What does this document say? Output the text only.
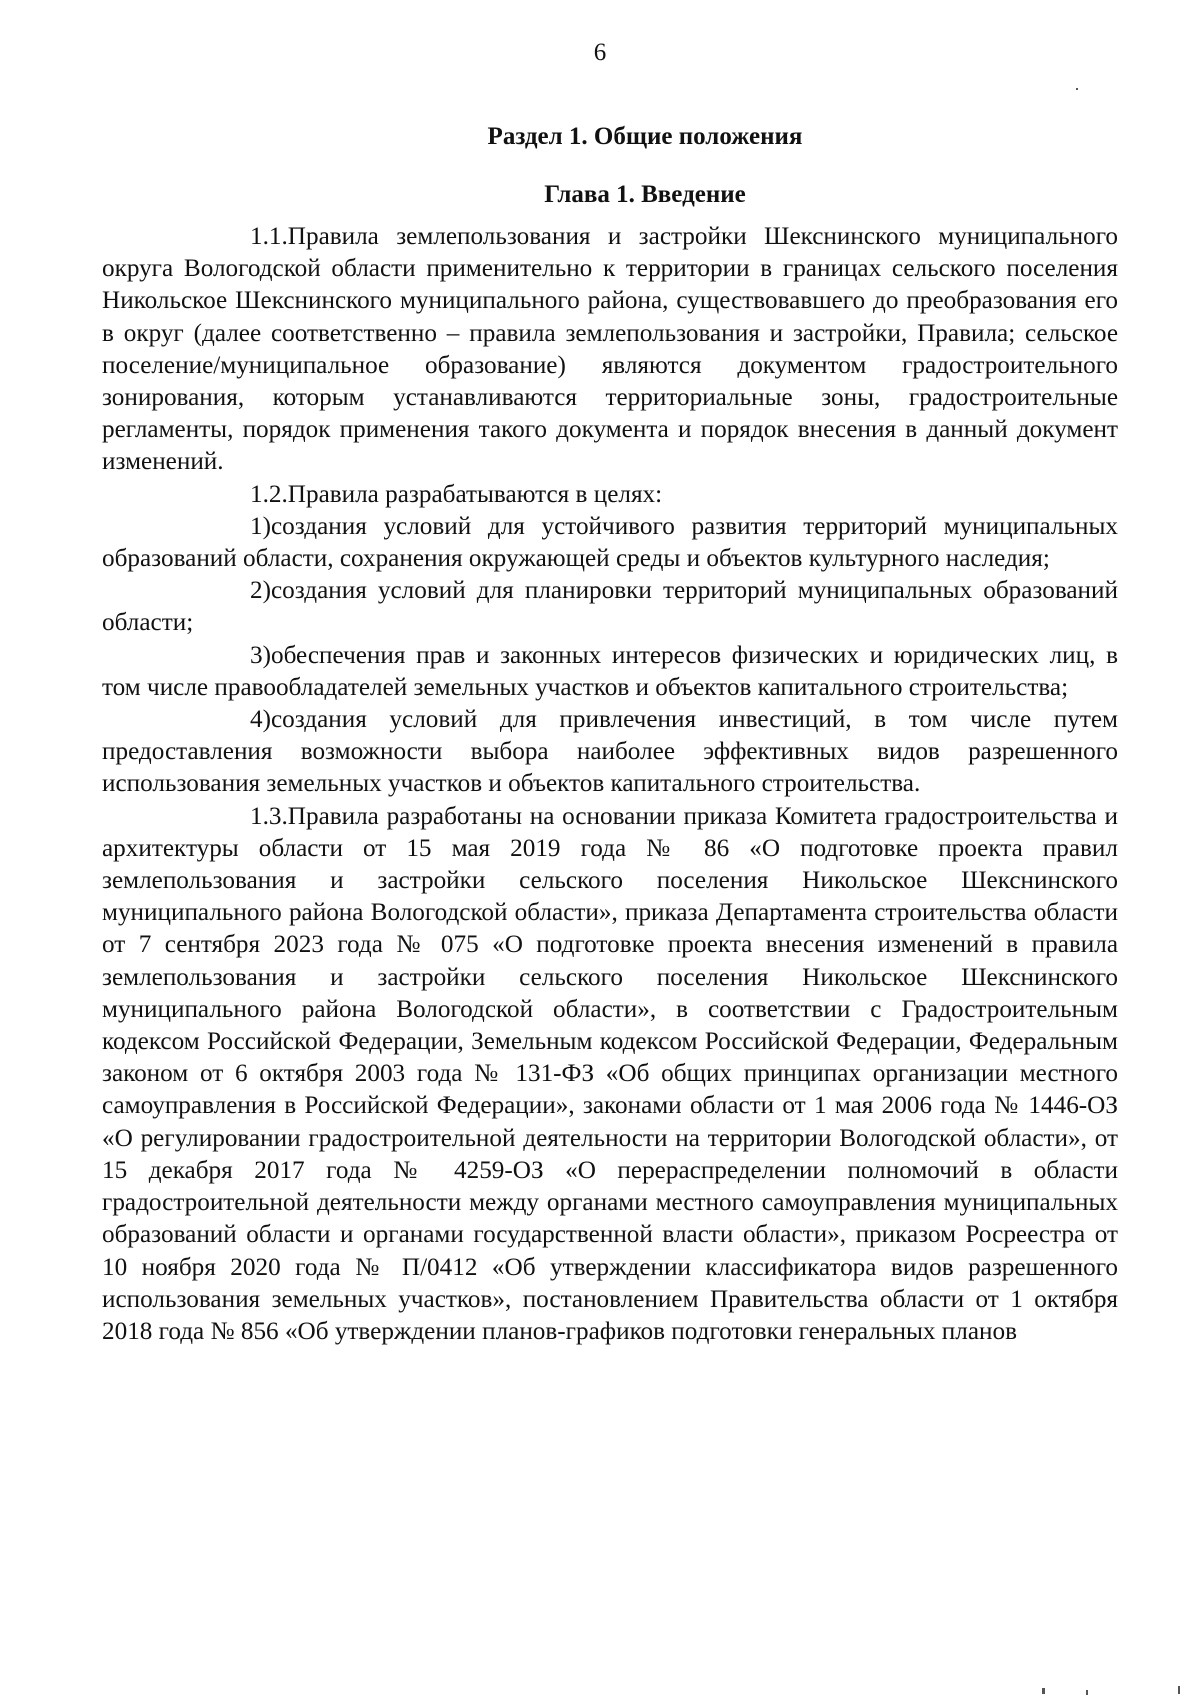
6
Раздел 1. Общие положения
Глава 1. Введение

1.1.Правила землепользования и застройки Шекснинского муниципального округа Вологодской области применительно к территории в границах сельского поселения Никольское Шекснинского муниципального района, существовавшего до преобразования его в округ (далее соответственно – правила землепользования и застройки, Правила; сельское поселение/муниципальное образование) являются документом градостроительного зонирования, которым устанавливаются территориальные зоны, градостроительные регламенты, порядок применения такого документа и порядок внесения в данный документ изменений.

1.2.Правила разрабатываются в целях:

1)создания условий для устойчивого развития территорий муниципальных образований области, сохранения окружающей среды и объектов культурного наследия;

2)создания условий для планировки территорий муниципальных образований области;

3)обеспечения прав и законных интересов физических и юридических лиц, в том числе правообладателей земельных участков и объектов капитального строительства;

4)создания условий для привлечения инвестиций, в том числе путем предоставления возможности выбора наиболее эффективных видов разрешенного использования земельных участков и объектов капитального строительства.

1.3.Правила разработаны на основании приказа Комитета градостроительства и архитектуры области от 15 мая 2019 года № 86 «О подготовке проекта правил землепользования и застройки сельского поселения Никольское Шекснинского муниципального района Вологодской области», приказа Департамента строительства области от 7 сентября 2023 года № 075 «О подготовке проекта внесения изменений в правила землепользования и застройки сельского поселения Никольское Шекснинского муниципального района Вологодской области», в соответствии с Градостроительным кодексом Российской Федерации, Земельным кодексом Российской Федерации, Федеральным законом от 6 октября 2003 года № 131-ФЗ «Об общих принципах организации местного самоуправления в Российской Федерации», законами области от 1 мая 2006 года № 1446-ОЗ «О регулировании градостроительной деятельности на территории Вологодской области», от 15 декабря 2017 года № 4259-ОЗ «О перераспределении полномочий в области градостроительной деятельности между органами местного самоуправления муниципальных образований области и органами государственной власти области», приказом Росреестра от 10 ноября 2020 года № П/0412 «Об утверждении классификатора видов разрешенного использования земельных участков», постановлением Правительства области от 1 октября 2018 года № 856 «Об утверждении планов-графиков подготовки генеральных планов
